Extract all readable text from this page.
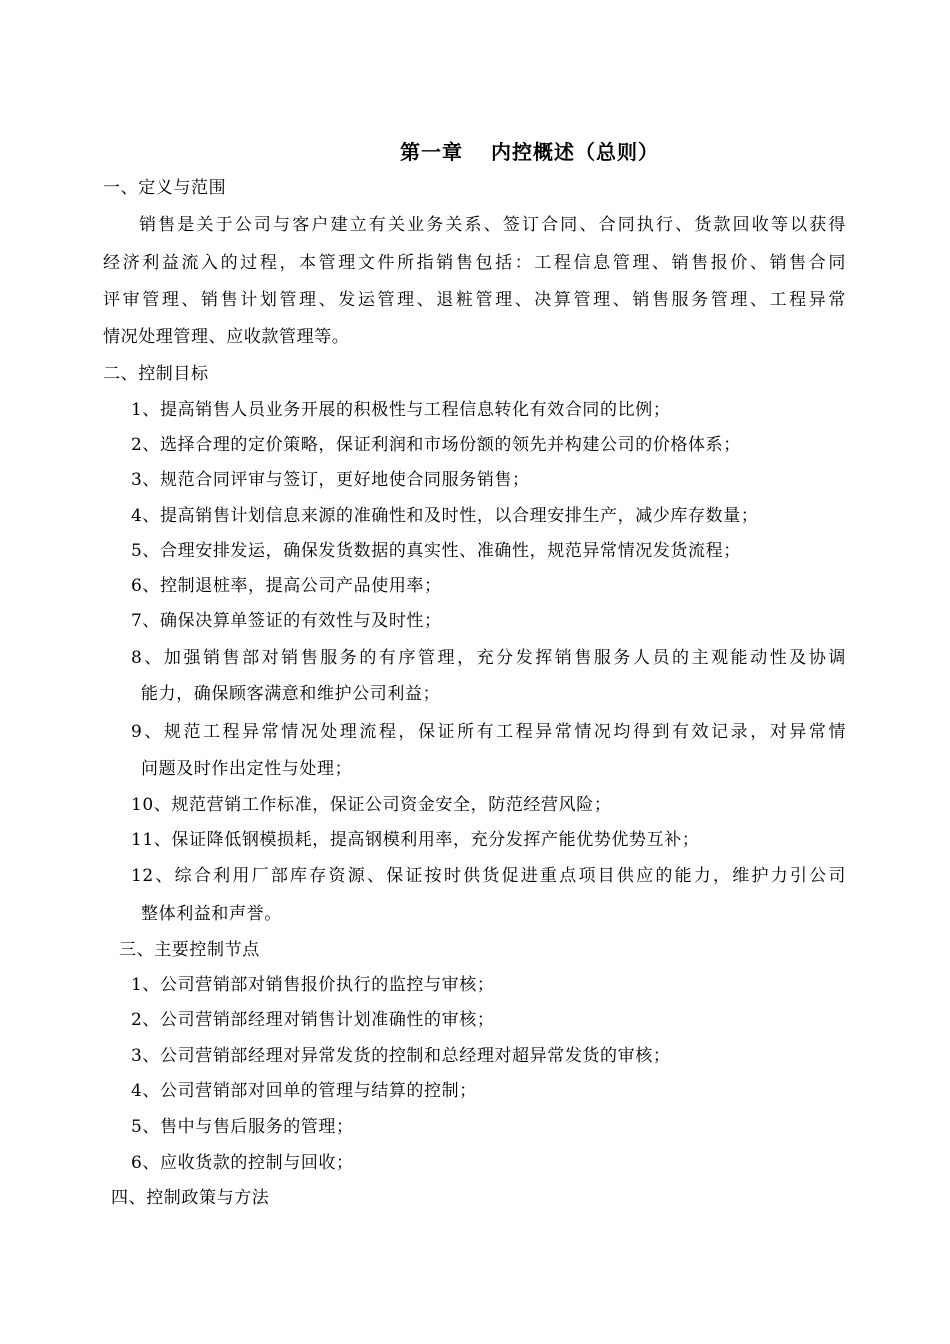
第一章 内控概述（总则）
一、定义与范围
销售是关于公司与客户建立有关业务关系、签订合同、合同执行、货款回收等以获得
经济利益流入的过程，本管理文件所指销售包括：工程信息管理、销售报价、销售合同
评审管理、销售计划管理、发运管理、退粧管理、决算管理、销售服务管理、工程异常
情况处理管理、应收款管理等。
二、控制目标
1、提高销售人员业务开展的积极性与工程信息转化有效合同的比例；
2、选择合理的定价策略，保证利润和市场份额的领先并构建公司的价格体系；
3、规范合同评审与签订，更好地使合同服务销售；
4、提高销售计划信息来源的准确性和及时性，以合理安排生产，减少库存数量；
5、合理安排发运，确保发货数据的真实性、准确性，规范异常情况发货流程；
6、控制退桩率，提高公司产品使用率；
7、确保决算单签证的有效性与及时性；
8、加强销售部对销售服务的有序管理，充分发挥销售服务人员的主观能动性及协调
能力，确保顾客满意和维护公司利益；
9、规范工程异常情况处理流程，保证所有工程异常情况均得到有效记录，对异常情
问题及时作出定性与处理；
10、规范营销工作标准，保证公司资金安全，防范经营风险；
11、保证降低钢模损耗，提高钢模利用率，充分发挥产能优势优势互补；
12、综合利用厂部库存资源、保证按时供货促进重点项目供应的能力，维护力引公司
整体利益和声誉。
三、主要控制节点
1、公司营销部对销售报价执行的监控与审核；
2、公司营销部经理对销售计划准确性的审核；
3、公司营销部经理对异常发货的控制和总经理对超异常发货的审核；
4、公司营销部对回单的管理与结算的控制；
5、售中与售后服务的管理；
6、应收货款的控制与回收；
四、控制政策与方法
